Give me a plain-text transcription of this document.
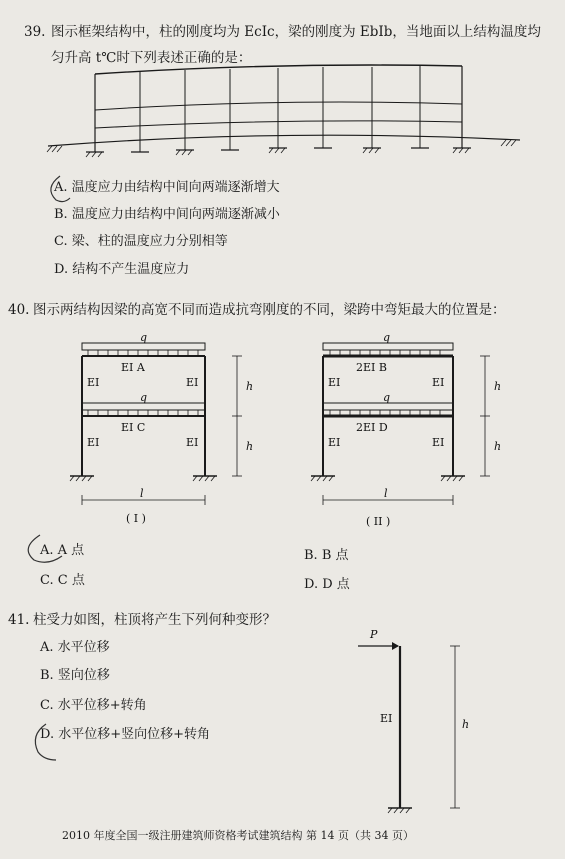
39. 图示框架结构中，柱的刚度均为 EcIc，梁的刚度为 EbIb，当地面以上结构温度均
匀升高 t℃时下列表述正确的是：
q
q
EI A
EI C
EI	EI
EI	EI
h
h
l
( I )
q
q
2EI B
2EI D
EI	EI
EI	EI
h
h
l
( II )
P
EI	h
A. 温度应力由结构中间向两端逐渐增大
B. 温度应力由结构中间向两端逐渐减小
C. 梁、柱的温度应力分别相等
D. 结构不产生温度应力
40. 图示两结构因梁的高宽不同而造成抗弯刚度的不同，梁跨中弯矩最大的位置是：
A. A 点	B. B 点
C. C 点	D. D 点
41. 柱受力如图，柱顶将产生下列何种变形？
A. 水平位移
B. 竖向位移
C. 水平位移+转角
D. 水平位移+竖向位移+转角
2010 年度全国一级注册建筑师资格考试建筑结构 第 14 页（共 34 页）
